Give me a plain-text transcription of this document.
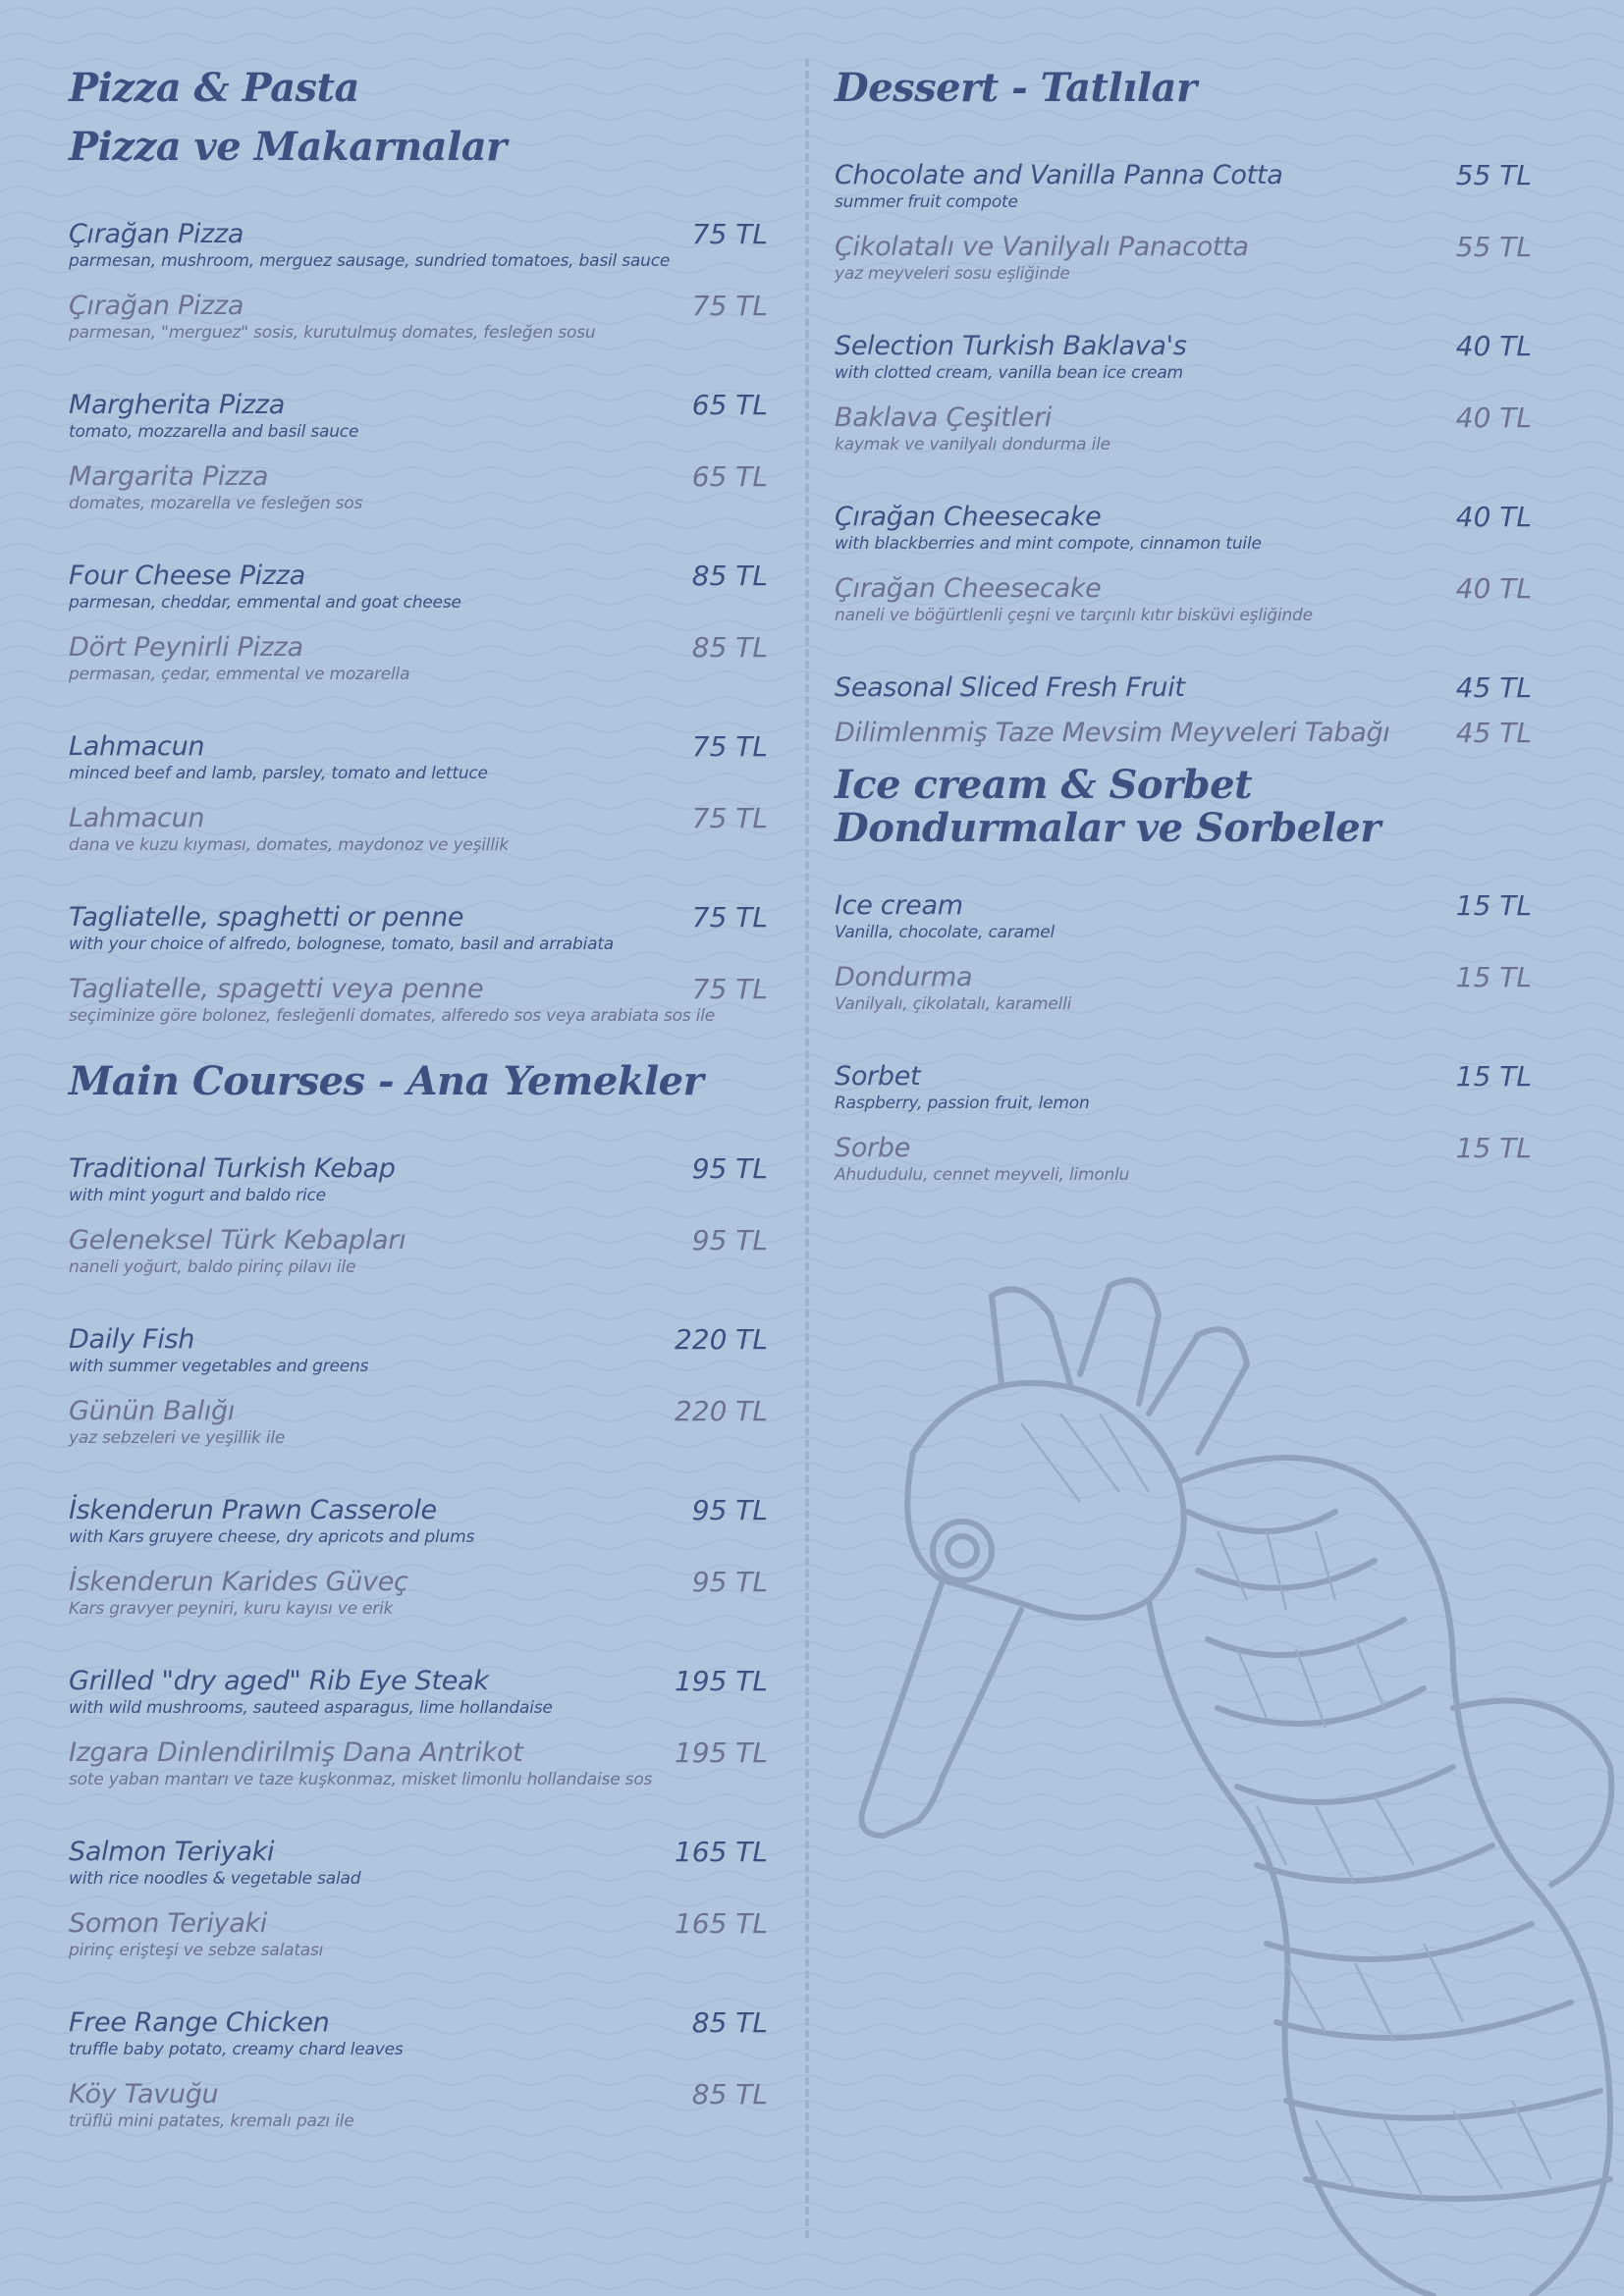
Pizza & Pasta
Pizza ve Makarnalar
Çırağan Pizza	75 TL
parmesan, mushroom, merguez sausage, sundried tomatoes, basil sauce
Çırağan Pizza	75 TL
parmesan, "merguez" sosis, kurutulmuş domates, fesleğen sosu
Margherita Pizza	65 TL
tomato, mozzarella and basil sauce
Margarita Pizza	65 TL
domates, mozarella ve fesleğen sos
Four Cheese Pizza	85 TL
parmesan, cheddar, emmental and goat cheese
Dört Peynirli Pizza	85 TL
permasan, çedar, emmental ve mozarella
Lahmacun	75 TL
minced beef and lamb, parsley, tomato and lettuce
Lahmacun	75 TL
dana ve kuzu kıyması, domates, maydonoz ve yeşillik
Tagliatelle, spaghetti or penne	75 TL
with your choice of alfredo, bolognese, tomato, basil and arrabiata
Tagliatelle, spagetti veya penne	75 TL
seçiminize göre bolonez, fesleğenli domates, alferedo sos veya arabiata sos ile
Main Courses - Ana Yemekler
Traditional Turkish Kebap	95 TL
with mint yogurt and baldo rice
Geleneksel Türk Kebapları	95 TL
naneli yoğurt, baldo pirinç pilavı ile
Daily Fish	220 TL
with summer vegetables and greens
Günün Balığı	220 TL
yaz sebzeleri ve yeşillik ile
İskenderun Prawn Casserole	95 TL
with Kars gruyere cheese, dry apricots and plums
İskenderun Karides Güveç	95 TL
Kars gravyer peyniri, kuru kayısı ve erik
Grilled "dry aged" Rib Eye Steak	195 TL
with wild mushrooms, sauteed asparagus, lime hollandaise
Izgara Dinlendirilmiş Dana Antrikot	195 TL
sote yaban mantarı ve taze kuşkonmaz, misket limonlu hollandaise sos
Salmon Teriyaki	165 TL
with rice noodles & vegetable salad
Somon Teriyaki	165 TL
pirinç erişteşi ve sebze salatası
Free Range Chicken	85 TL
truffle baby potato, creamy chard leaves
Köy Tavuğu	85 TL
trüflü mini patates, kremalı pazı ile
Dessert - Tatlılar
Chocolate and Vanilla Panna Cotta	55 TL
summer fruit compote
Çikolatalı ve Vanilyalı Panacotta	55 TL
yaz meyveleri sosu eşliğinde
Selection Turkish Baklava's	40 TL
with clotted cream, vanilla bean ice cream
Baklava Çeşitleri	40 TL
kaymak ve vanilyalı dondurma ile
Çırağan Cheesecake	40 TL
with blackberries and mint compote, cinnamon tuile
Çırağan Cheesecake	40 TL
naneli ve böğürtlenli çeşni ve tarçınlı kıtır bisküvi eşliğinde
Seasonal Sliced Fresh Fruit	45 TL
Dilimlenmiş Taze Mevsim Meyveleri Tabağı	45 TL
Ice cream & Sorbet
Dondurmalar ve Sorbeler
Ice cream	15 TL
Vanilla, chocolate, caramel
Dondurma	15 TL
Vanilyalı, çikolatalı, karamelli
Sorbet	15 TL
Raspberry, passion fruit, lemon
Sorbe	15 TL
Ahududulu, cennet meyveli, limonlu
